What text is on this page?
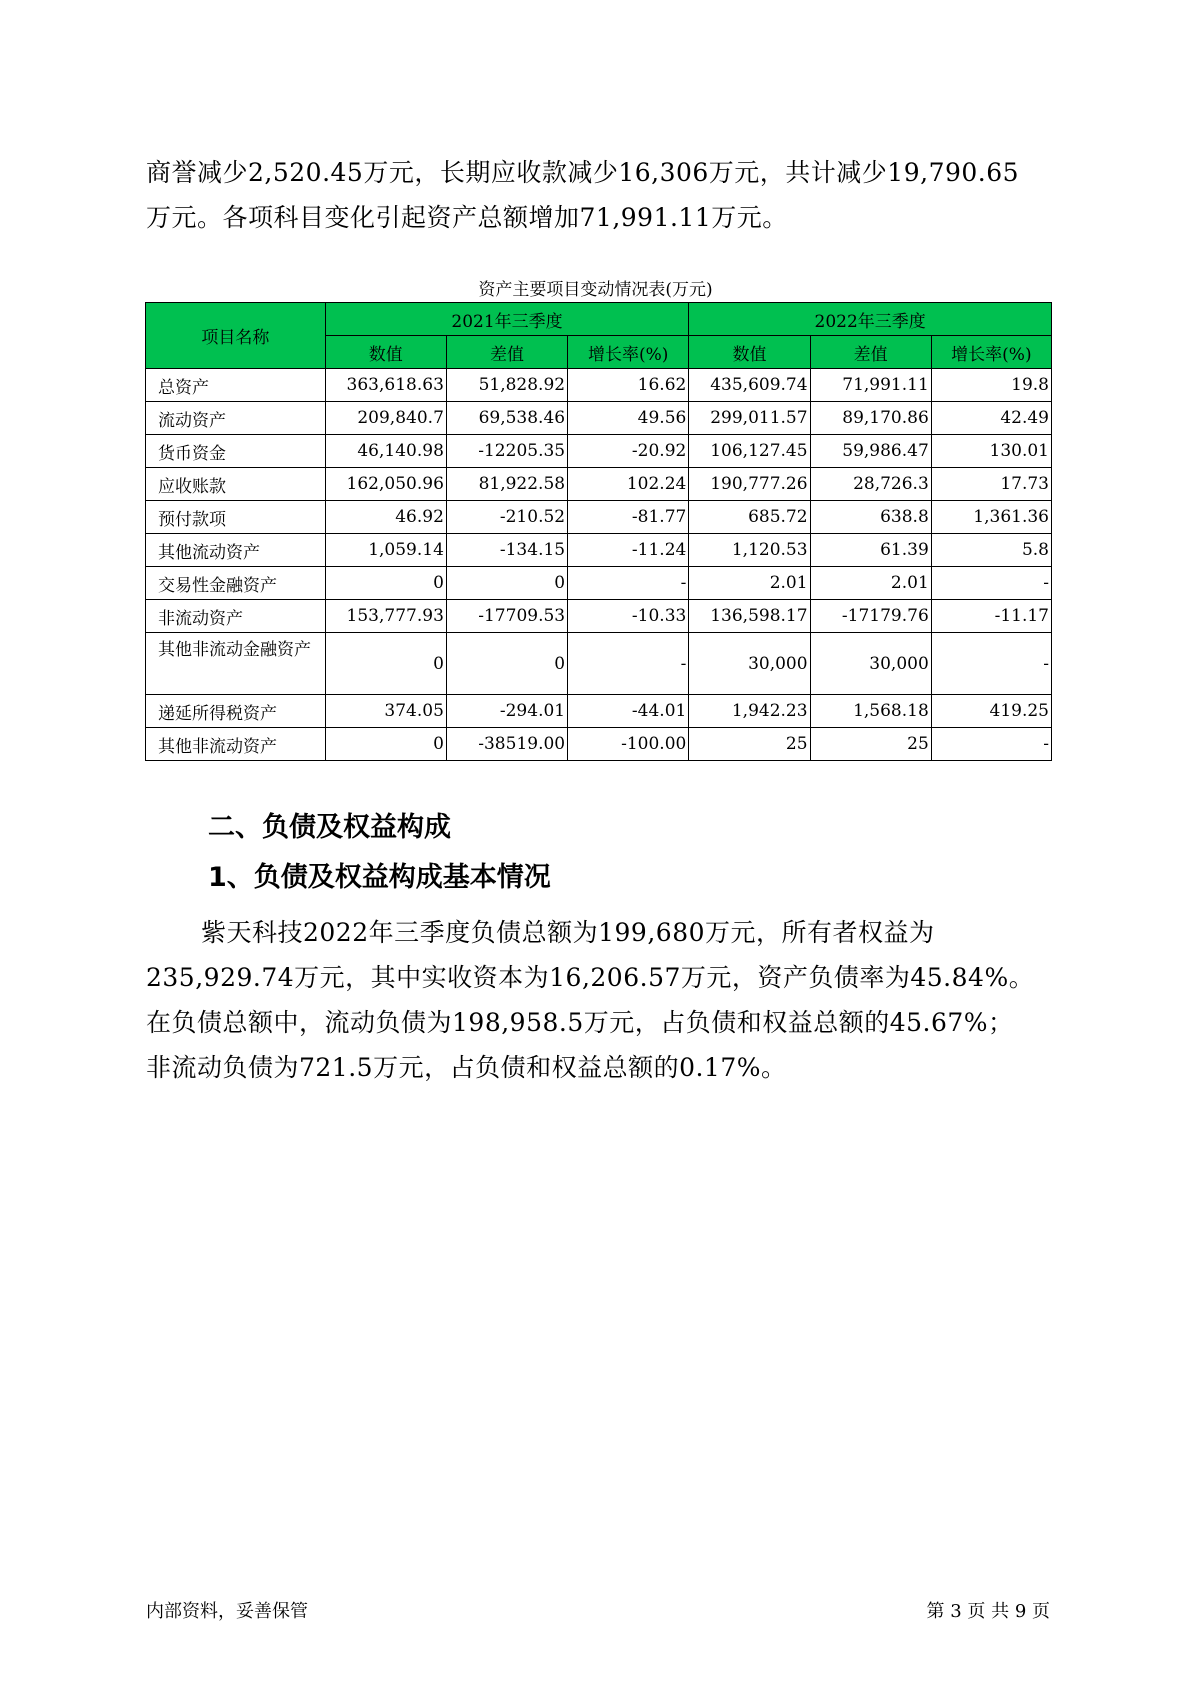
商誉减少2,520.45万元，长期应收款减少16,306万元，共计减少19,790.65

万元。各项科目变化引起资产总额增加71,991.11万元。

资产主要项目变动情况表(万元)
项目名称	2021年三季度			2022年三季度		
	数值	差值	增长率(%)	数值	差值	增长率(%)
总资产	363,618.63	51,828.92	16.62	435,609.74	71,991.11	19.8
流动资产	209,840.7	69,538.46	49.56	299,011.57	89,170.86	42.49
货币资金	46,140.98	-12205.35	-20.92	106,127.45	59,986.47	130.01
应收账款	162,050.96	81,922.58	102.24	190,777.26	28,726.3	17.73
预付款项	46.92	-210.52	-81.77	685.72	638.8	1,361.36
其他流动资产	1,059.14	-134.15	-11.24	1,120.53	61.39	5.8
交易性金融资产	0	0	-	2.01	2.01	-
非流动资产	153,777.93	-17709.53	-10.33	136,598.17	-17179.76	-11.17
其他非流动金融资产	0	0	-	30,000	30,000	-
递延所得税资产	374.05	-294.01	-44.01	1,942.23	1,568.18	419.25
其他非流动资产	0	-38519.00	-100.00	25	25	-
二、负债及权益构成
1、负债及权益构成基本情况

紫天科技2022年三季度负债总额为199,680万元，所有者权益为

235,929.74万元，其中实收资本为16,206.57万元，资产负债率为45.84%。

在负债总额中，流动负债为198,958.5万元，占负债和权益总额的45.67%；

非流动负债为721.5万元，占负债和权益总额的0.17%。

内部资料，妥善保管	第 3 页 共 9 页
